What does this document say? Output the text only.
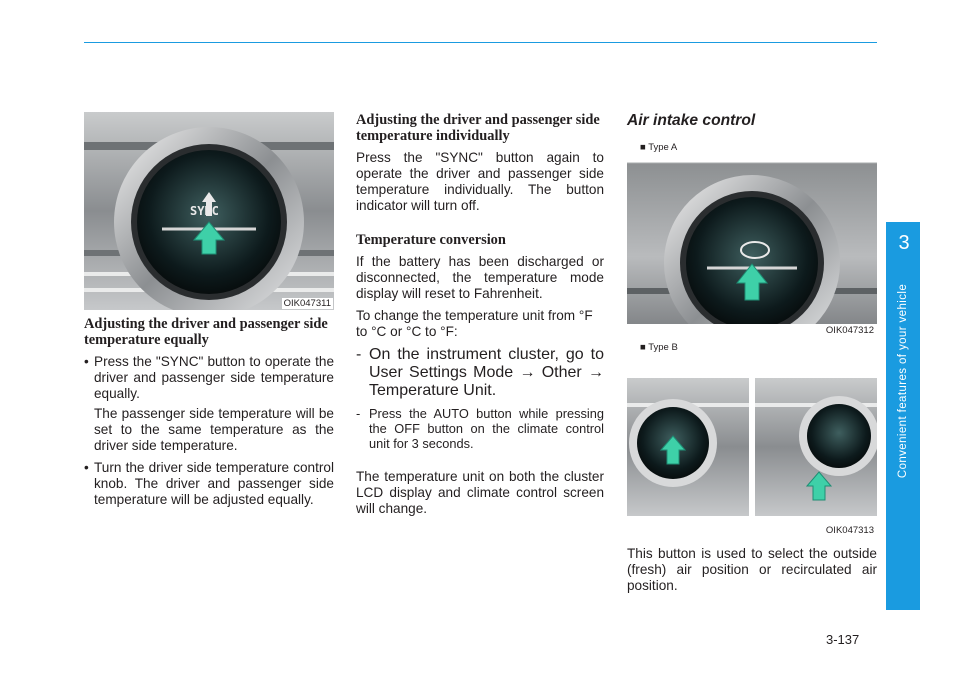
SYNC
OIK047311
Adjusting the driver and passenger side temperature equally
• Press the "SYNC" button to operate the driver and passenger side temperature equally.
The passenger side temperature will be set to the same temperature as the driver side temperature.
• Turn the driver side temperature control knob. The driver and passenger side temperature will be adjusted equally.
Adjusting the driver and passenger side temperature individually

Press the "SYNC" button again to operate the driver and passenger side temperature individually. The button indicator will turn off.

Temperature conversion

If the battery has been discharged or disconnected, the temperature mode display will reset to Fahrenheit.

To change the temperature unit from °F to °C or °C to °F:

- On the instrument cluster, go to User Settings Mode → Other → Temperature Unit.
- Press the AUTO button while pressing the OFF button on the climate control unit for 3 seconds.

The temperature unit on both the cluster LCD display and climate control screen will change.

Air intake control
■ Type A
OIK047312
■ Type B
OIK047313

This button is used to select the outside (fresh) air position or recirculated air position.

3
Convenient features of your vehicle
3-137
